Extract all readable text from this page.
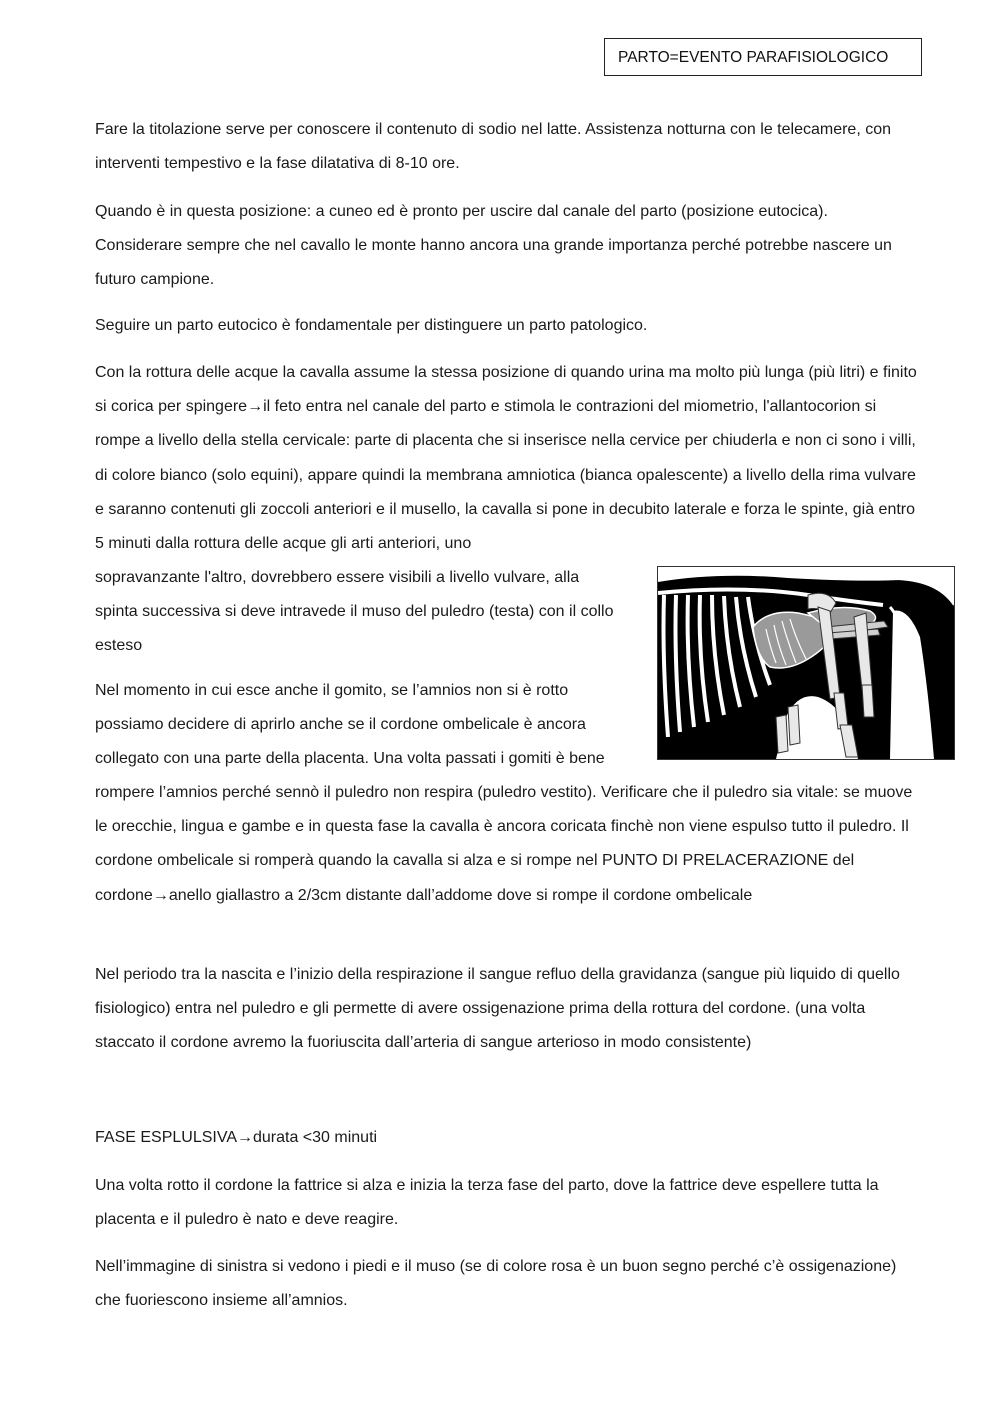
PARTO=EVENTO PARAFISIOLOGICO

Fare la titolazione serve per conoscere il contenuto di sodio nel latte. Assistenza notturna con le telecamere, con interventi tempestivo e la fase dilatativa di 8-10 ore.

Quando è in questa posizione: a cuneo ed è pronto per uscire dal canale del parto (posizione eutocica). Considerare sempre che nel cavallo le monte hanno ancora una grande importanza perché potrebbe nascere un futuro campione.

Seguire un parto eutocico è fondamentale per distinguere un parto patologico.

Con la rottura delle acque la cavalla assume la stessa posizione di quando urina ma molto più lunga (più litri) e finito si corica per spingere→il feto entra nel canale del parto e stimola le contrazioni del miometrio, l'allantocorion si rompe a livello della stella cervicale: parte di placenta che si inserisce nella cervice per chiuderla e non ci sono i villi, di colore bianco (solo equini), appare quindi la membrana amniotica (bianca opalescente) a livello della rima vulvare e saranno contenuti gli zoccoli anteriori e il musello, la cavalla si pone in decubito laterale e forza le spinte, già entro 5 minuti dalla rottura delle acque gli arti anteriori, uno

sopravanzante l'altro, dovrebbero essere visibili a livello vulvare, alla spinta successiva si deve intravede il muso del puledro (testa) con il collo esteso

Nel momento in cui esce anche il gomito, se l’amnios non si è rotto possiamo decidere di aprirlo anche se il cordone ombelicale è ancora collegato con una parte della placenta. Una volta passati i gomiti è bene

rompere l’amnios perché sennò il puledro non respira (puledro vestito). Verificare che il puledro sia vitale: se muove le orecchie, lingua e gambe e in questa fase la cavalla è ancora coricata finchè non viene espulso tutto il puledro. Il cordone ombelicale si romperà quando la cavalla si alza e si rompe nel PUNTO DI PRELACERAZIONE del cordone→anello giallastro a 2/3cm distante dall’addome dove si rompe il cordone ombelicale

Nel periodo tra la nascita e l’inizio della respirazione il sangue refluo della gravidanza (sangue più liquido di quello fisiologico) entra nel puledro e gli permette di avere ossigenazione prima della rottura del cordone. (una volta staccato il cordone avremo la fuoriuscita dall’arteria di sangue arterioso in modo consistente)

FASE ESPLULSIVA→durata <30 minuti

Una volta rotto il cordone la fattrice si alza e inizia la terza fase del parto, dove la fattrice deve espellere tutta la placenta e il puledro è nato e deve reagire.

Nell’immagine di sinistra si vedono i piedi e il muso (se di colore rosa è un buon segno perché c’è ossigenazione) che fuoriescono insieme all’amnios.
